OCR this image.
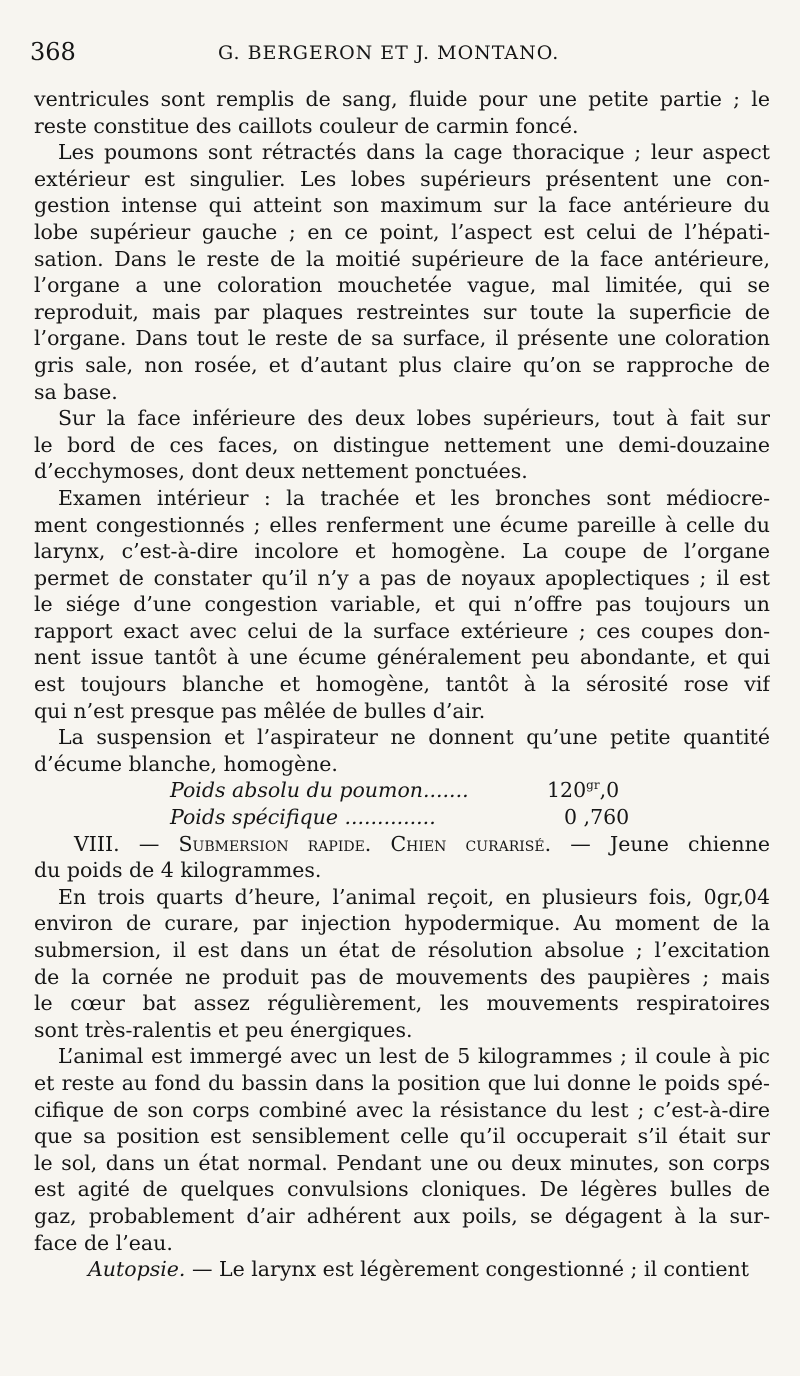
368	G. BERGERON ET J. MONTANO.
ventricules sont remplis de sang, fluide pour une petite partie ; le
reste constitue des caillots couleur de carmin foncé.
Les poumons sont rétractés dans la cage thoracique ; leur aspect
extérieur est singulier. Les lobes supérieurs présentent une con-
gestion intense qui atteint son maximum sur la face antérieure du
lobe supérieur gauche ; en ce point, l’aspect est celui de l’hépati-
sation. Dans le reste de la moitié supérieure de la face antérieure,
l’organe a une coloration mouchetée vague, mal limitée, qui se
reproduit, mais par plaques restreintes sur toute la superficie de
l’organe. Dans tout le reste de sa surface, il présente une coloration
gris sale, non rosée, et d’autant plus claire qu’on se rapproche de
sa base.
Sur la face inférieure des deux lobes supérieurs, tout à fait sur
le bord de ces faces, on distingue nettement une demi-douzaine
d’ecchymoses, dont deux nettement ponctuées.
Examen intérieur : la trachée et les bronches sont médiocre-
ment congestionnés ; elles renferment une écume pareille à celle du
larynx, c’est-à-dire incolore et homogène. La coupe de l’organe
permet de constater qu’il n’y a pas de noyaux apoplectiques ; il est
le siége d’une congestion variable, et qui n’offre pas toujours un
rapport exact avec celui de la surface extérieure ; ces coupes don-
nent issue tantôt à une écume généralement peu abondante, et qui
est toujours blanche et homogène, tantôt à la sérosité rose vif
qui n’est presque pas mêlée de bulles d’air.
La suspension et l’aspirateur ne donnent qu’une petite quantité
d’écume blanche, homogène.
Poids absolu du poumon.......	$120^{gr},0$
Poids spécifique ..............	0 ,760
VIII. — Submersion rapide. Chien curarisé. — Jeune chienne
du poids de 4 kilogrammes.
En trois quarts d’heure, l’animal reçoit, en plusieurs fois, 0gr,04
environ de curare, par injection hypodermique. Au moment de la
submersion, il est dans un état de résolution absolue ; l’excitation
de la cornée ne produit pas de mouvements des paupières ; mais
le cœur bat assez régulièrement, les mouvements respiratoires
sont très-ralentis et peu énergiques.
L’animal est immergé avec un lest de 5 kilogrammes ; il coule à pic
et reste au fond du bassin dans la position que lui donne le poids spé-
cifique de son corps combiné avec la résistance du lest ; c’est-à-dire
que sa position est sensiblement celle qu’il occuperait s’il était sur
le sol, dans un état normal. Pendant une ou deux minutes, son corps
est agité de quelques convulsions cloniques. De légères bulles de
gaz, probablement d’air adhérent aux poils, se dégagent à la sur-
face de l’eau.
Autopsie. — Le larynx est légèrement congestionné ; il contient
